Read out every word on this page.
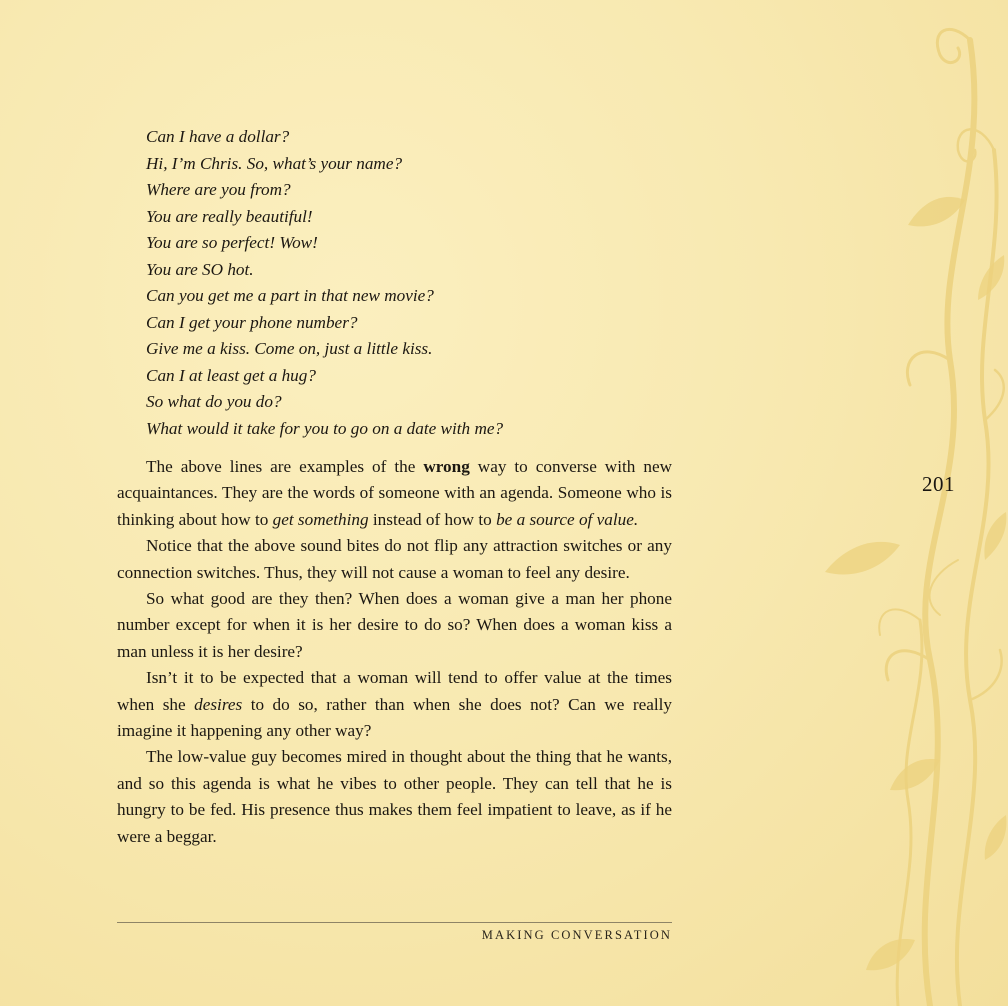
201
Can I have a dollar?
Hi, I’m Chris. So, what’s your name?
Where are you from?
You are really beautiful!
You are so perfect! Wow!
You are SO hot.
Can you get me a part in that new movie?
Can I get your phone number?
Give me a kiss. Come on, just a little kiss.
Can I at least get a hug?
So what do you do?
What would it take for you to go on a date with me?

The above lines are examples of the wrong way to converse with new acquaintances. They are the words of someone with an agenda. Someone who is thinking about how to get something instead of how to be a source of value.

Notice that the above sound bites do not flip any attraction switches or any connection switches. Thus, they will not cause a woman to feel any desire.

So what good are they then? When does a woman give a man her phone number except for when it is her desire to do so? When does a woman kiss a man unless it is her desire?

Isn’t it to be expected that a woman will tend to offer value at the times when she desires to do so, rather than when she does not? Can we really imagine it happening any other way?

The low-value guy becomes mired in thought about the thing that he wants, and so this agenda is what he vibes to other people. They can tell that he is hungry to be fed. His presence thus makes them feel impatient to leave, as if he were a beggar.

MAKING CONVERSATION
